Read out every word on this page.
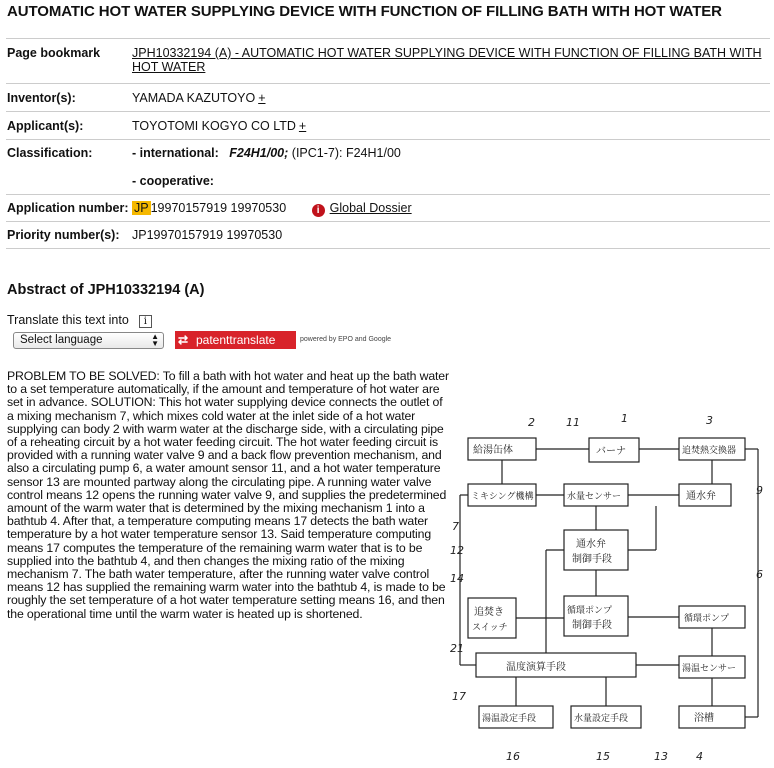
AUTOMATIC HOT WATER SUPPLYING DEVICE WITH FUNCTION OF FILLING BATH WITH HOT WATER
Page bookmark	JPH10332194 (A) - AUTOMATIC HOT WATER SUPPLYING DEVICE WITH FUNCTION OF FILLING BATH WITH
HOT WATER
Inventor(s):	YAMADA KAZUTOYO +
Applicant(s):	TOYOTOMI KOGYO CO LTD +
Classification:	- international: F24H1/00; (IPC1-7): F24H1/00
- cooperative:
Application number: JP 19970157919 19970530	i Global Dossier
Priority number(s): JP19970157919 19970530
Abstract of JPH10332194 (A)
Translate this text into i
Select language	▲
▼ ⇄ patenttranslate	powered by EPO and Google
PROBLEM TO BE SOLVED: To fill a bath with hot water and heat up the bath water to a set temperature automatically, if the amount and temperature of hot water are set in advance. SOLUTION: This hot water supplying device connects the outlet of a mixing mechanism 7, which mixes cold water at the inlet side of a hot water supplying can body 2 with warm water at the discharge side, with a circulating pipe of a reheating circuit by a hot water feeding circuit. The hot water feeding circuit is provided with a running water valve 9 and a back flow prevention mechanism, and also a circulating pump 6, a water amount sensor 11, and a hot water temperature sensor 13 are mounted partway along the circulating pipe. A running water valve control means 12 opens the running water valve 9, and supplies the predetermined amount of the warm water that is determined by the mixing mechanism 1 into a bathtub 4. After that, a temperature computing means 17 detects the bath water temperature by a hot water temperature sensor 13. Said temperature computing means 17 computes the temperature of the remaining warm water that is to be supplied into the bathtub 4, and then changes the mixing ratio of the mixing mechanism 7. The bath water temperature, after the running water valve control means 12 has supplied the remaining warm water into the bathtub 4, is made to be roughly the set temperature of a hot water temperature setting means 16, and then the operational time until the warm water is heated up is shortened.
給湯缶体	バーナ	追焚熱交換器
ミキシング機構	水量センサー	通水弁
通水弁
制御手段
追焚き
スイッチ
循環ポンプ
制御手段
循環ポンプ
温度演算手段	湯温センサー
湯温設定手段	水量設定手段	浴槽
2	11	1	3
9
7
12
14	6
21
17
16	15	13	4
